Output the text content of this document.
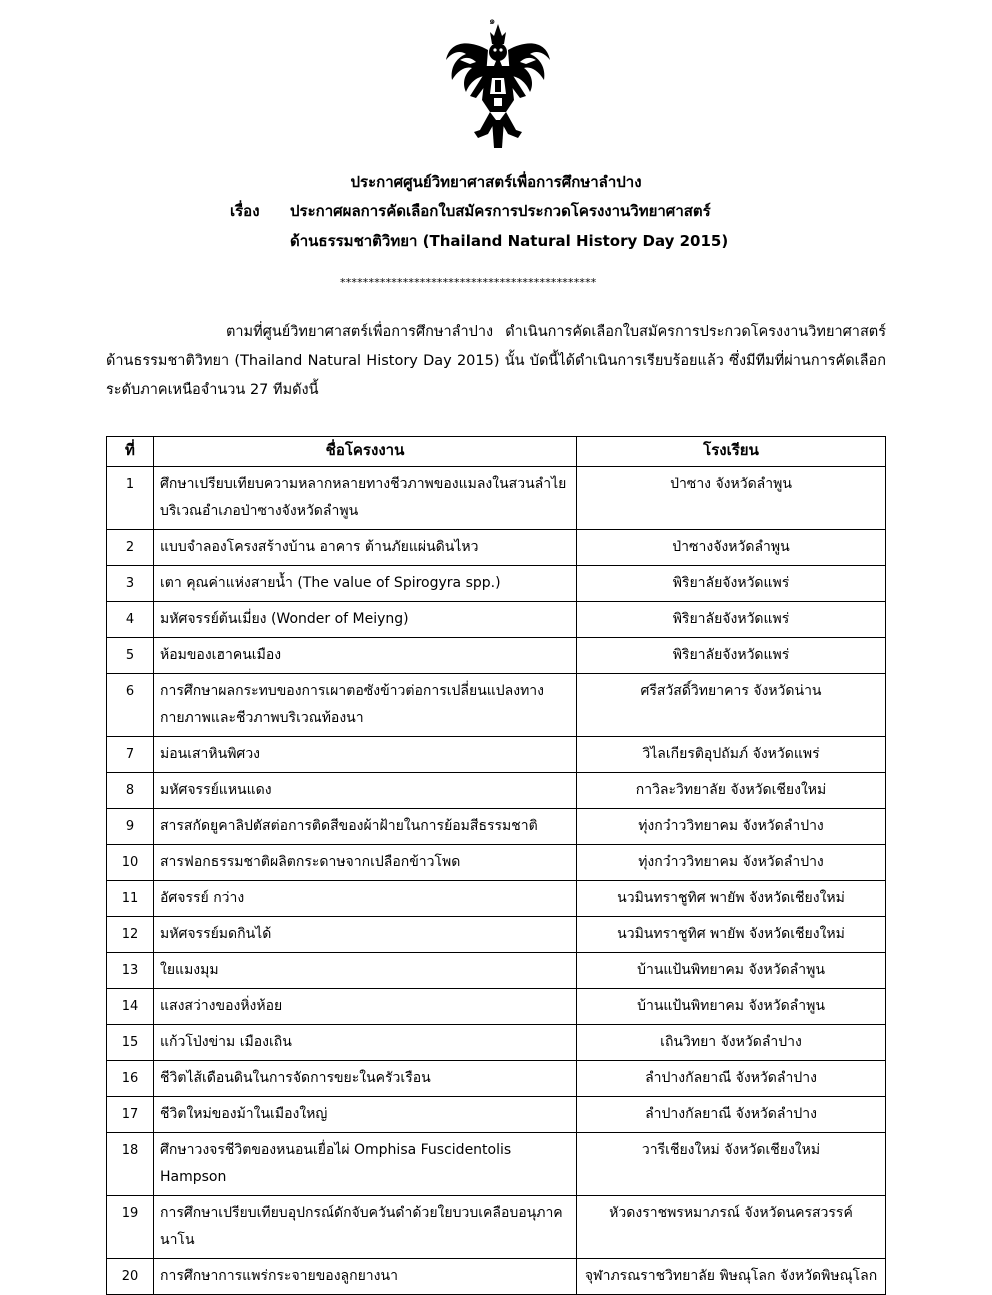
๑
ประกาศศูนย์วิทยาศาสตร์เพื่อการศึกษาลำปาง
เรื่อง ประกาศผลการคัดเลือกใบสมัครการประกวดโครงงานวิทยาศาสตร์
ด้านธรรมชาติวิทยา (Thailand Natural History Day 2015)
*********************************************
ตามที่ศูนย์วิทยาศาสตร์เพื่อการศึกษาลำปาง ดำเนินการคัดเลือกใบสมัครการประกวดโครงงานวิทยาศาสตร์ด้านธรรมชาติวิทยา (Thailand Natural History Day 2015) นั้น บัดนี้ได้ดำเนินการเรียบร้อยแล้ว ซึ่งมีทีมที่ผ่านการคัดเลือกระดับภาคเหนือจำนวน 27 ทีมดังนี้
ที่	ชื่อโครงงาน	โรงเรียน
1	ศึกษาเปรียบเทียบความหลากหลายทางชีวภาพของแมลงในสวนลำไยบริเวณอำเภอป่าซางจังหวัดลำพูน	ป่าซาง จังหวัดลำพูน
2	แบบจำลองโครงสร้างบ้าน อาคาร ต้านภัยแผ่นดินไหว	ป่าซางจังหวัดลำพูน
3	เตา คุณค่าแห่งสายน้ำ (The value of Spirogyra spp.)	พิริยาลัยจังหวัดแพร่
4	มหัศจรรย์ต้นเมี่ยง (Wonder of Meiyng)	พิริยาลัยจังหวัดแพร่
5	ห้อมของเฮาคนเมือง	พิริยาลัยจังหวัดแพร่
6	การศึกษาผลกระทบของการเผาตอซังข้าวต่อการเปลี่ยนแปลงทางกายภาพและชีวภาพบริเวณท้องนา	ศรีสวัสดิ์วิทยาคาร จังหวัดน่าน
7	ม่อนเสาหินพิศวง	วิไลเกียรติอุปถัมภ์ จังหวัดแพร่
8	มหัศจรรย์แหนแดง	กาวิละวิทยาลัย จังหวัดเชียงใหม่
9	สารสกัดยูคาลิปตัสต่อการติดสีของผ้าฝ้ายในการย้อมสีธรรมชาติ	ทุ่งกว๋าววิทยาคม จังหวัดลำปาง
10	สารฟอกธรรมชาติผลิตกระดาษจากเปลือกข้าวโพด	ทุ่งกว๋าววิทยาคม จังหวัดลำปาง
11	อัศจรรย์ กว่าง	นวมินทราชูทิศ พายัพ จังหวัดเชียงใหม่
12	มหัศจรรย์มดกินได้	นวมินทราชูทิศ พายัพ จังหวัดเชียงใหม่
13	ใยแมงมุม	บ้านแป้นพิทยาคม จังหวัดลำพูน
14	แสงสว่างของหิ่งห้อย	บ้านแป้นพิทยาคม จังหวัดลำพูน
15	แก้วโป่งข่าม เมืองเถิน	เถินวิทยา จังหวัดลำปาง
16	ชีวิตไส้เดือนดินในการจัดการขยะในครัวเรือน	ลำปางกัลยาณี จังหวัดลำปาง
17	ชีวิตใหม่ของม้าในเมืองใหญ่	ลำปางกัลยาณี จังหวัดลำปาง
18	ศึกษาวงจรชีวิตของหนอนเยื่อไผ่ Omphisa Fuscidentolis Hampson	วารีเชียงใหม่ จังหวัดเชียงใหม่
19	การศึกษาเปรียบเทียบอุปกรณ์ดักจับควันดำด้วยใยบวบเคลือบอนุภาคนาโน	หัวดงราชพรหมาภรณ์ จังหวัดนครสวรรค์
20	การศึกษาการแพร่กระจายของลูกยางนา	จุฬาภรณราชวิทยาลัย พิษณุโลก จังหวัดพิษณุโลก
